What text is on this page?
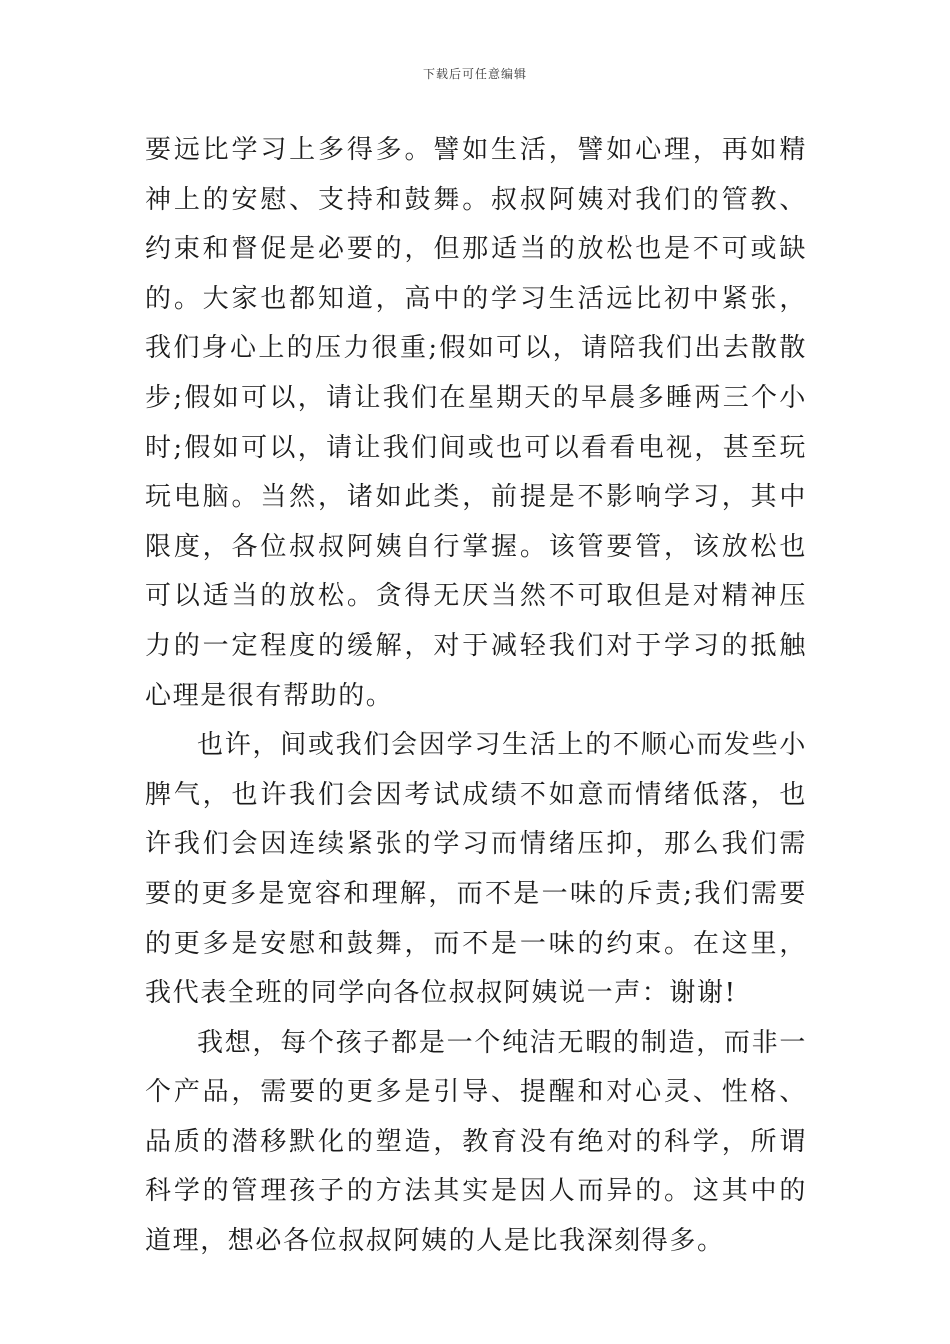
下载后可任意编辑

要远比学习上多得多。譬如生活，譬如心理，再如精神上的安慰、支持和鼓舞。叔叔阿姨对我们的管教、约束和督促是必要的，但那适当的放松也是不可或缺的。大家也都知道，高中的学习生活远比初中紧张，我们身心上的压力很重;假如可以，请陪我们出去散散步;假如可以，请让我们在星期天的早晨多睡两三个小时;假如可以，请让我们间或也可以看看电视，甚至玩玩电脑。当然，诸如此类，前提是不影响学习，其中限度，各位叔叔阿姨自行掌握。该管要管，该放松也可以适当的放松。贪得无厌当然不可取但是对精神压力的一定程度的缓解，对于减轻我们对于学习的抵触心理是很有帮助的。

也许，间或我们会因学习生活上的不顺心而发些小脾气，也许我们会因考试成绩不如意而情绪低落，也许我们会因连续紧张的学习而情绪压抑，那么我们需要的更多是宽容和理解，而不是一味的斥责;我们需要的更多是安慰和鼓舞，而不是一味的约束。在这里，我代表全班的同学向各位叔叔阿姨说一声：谢谢!

我想，每个孩子都是一个纯洁无暇的制造，而非一个产品，需要的更多是引导、提醒和对心灵、性格、品质的潜移默化的塑造，教育没有绝对的科学，所谓科学的管理孩子的方法其实是因人而异的。这其中的道理，想必各位叔叔阿姨的人是比我深刻得多。
